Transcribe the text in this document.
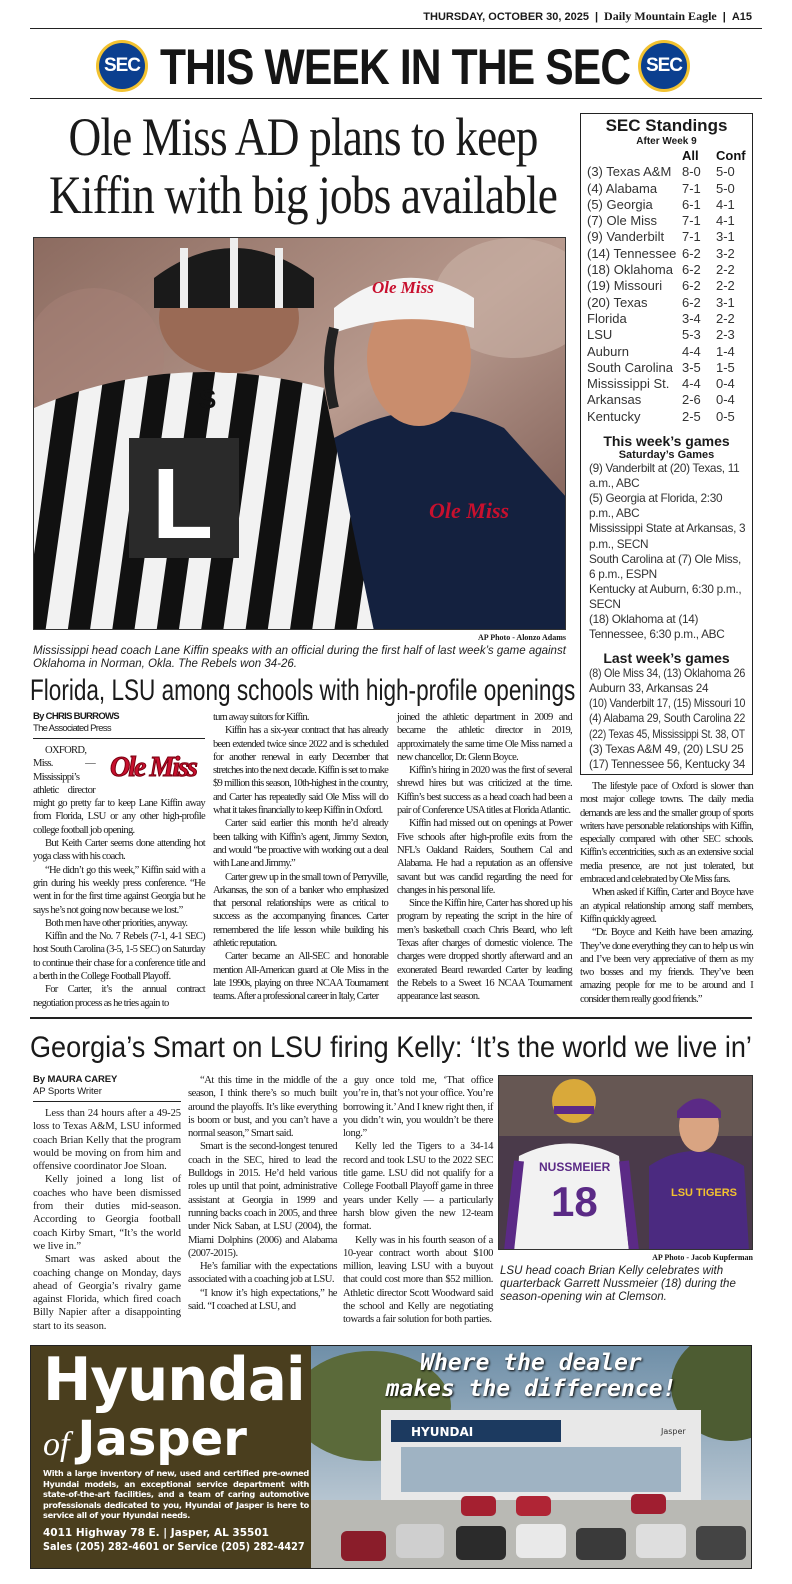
THURSDAY, OCTOBER 30, 2025 | Daily Mountain Eagle | A15
SEC THIS WEEK IN THE SEC SEC
Ole Miss AD plans to keep Kiffin with big jobs available
Ole Miss
Ole Miss
L
S
AP Photo - Alonzo Adams
Mississippi head coach Lane Kiffin speaks with an official during the first half of last week’s game against Oklahoma in Norman, Okla. The Rebels won 34-26.
Florida, LSU among schools with high-profile openings
By CHRIS BURROWS
The Associated Press
Ole Miss

OXFORD, Miss. — Mississippi’s athletic director might go pretty far to keep Lane Kiffin away from Florida, LSU or any other high-profile college football job opening.

But Keith Carter seems done attending hot yoga class with his coach.

“He didn’t go this week,” Kiffin said with a grin during his weekly press conference. “He went in for the first time against Georgia but he says he’s not going now because we lost.”

Both men have other priorities, anyway.

Kiffin and the No. 7 Rebels (7-1, 4-1 SEC) host South Carolina (3-5, 1-5 SEC) on Saturday to continue their chase for a conference title and a berth in the College Football Playoff.

For Carter, it’s the annual contract negotiation process as he tries again to

turn away suitors for Kiffin.

Kiffin has a six-year contract that has already been extended twice since 2022 and is scheduled for another renewal in early December that stretches into the next decade. Kiffin is set to make $9 million this season, 10th-highest in the country, and Carter has repeatedly said Ole Miss will do what it takes financially to keep Kiffin in Oxford.

Carter said earlier this month he’d already been talking with Kiffin’s agent, Jimmy Sexton, and would “be proactive with working out a deal with Lane and Jimmy.”

Carter grew up in the small town of Perryville, Arkansas, the son of a banker who emphasized that personal relationships were as critical to success as the accompanying finances. Carter remembered the life lesson while building his athletic reputation.

Carter became an All-SEC and honorable mention All-American guard at Ole Miss in the late 1990s, playing on three NCAA Tournament teams. After a professional career in Italy, Carter

joined the athletic department in 2009 and became the athletic director in 2019, approximately the same time Ole Miss named a new chancellor, Dr. Glenn Boyce.

Kiffin’s hiring in 2020 was the first of several shrewd hires but was criticized at the time. Kiffin’s best success as a head coach had been a pair of Conference USA titles at Florida Atlantic.

Kiffin had missed out on openings at Power Five schools after high-profile exits from the NFL’s Oakland Raiders, Southern Cal and Alabama. He had a reputation as an offensive savant but was candid regarding the need for changes in his personal life.

Since the Kiffin hire, Carter has shored up his program by repeating the script in the hire of men’s basketball coach Chris Beard, who left Texas after charges of domestic violence. The charges were dropped shortly afterward and an exonerated Beard rewarded Carter by leading the Rebels to a Sweet 16 NCAA Tournament appearance last season.

The lifestyle pace of Oxford is slower than most major college towns. The daily media demands are less and the smaller group of sports writers have personable relationships with Kiffin, especially compared with other SEC schools. Kiffin’s eccentricities, such as an extensive social media presence, are not just tolerated, but embraced and celebrated by Ole Miss fans.

When asked if Kiffin, Carter and Boyce have an atypical relationship among staff members, Kiffin quickly agreed.

“Dr. Boyce and Keith have been amazing. They’ve done everything they can to help us win and I’ve been very appreciative of them as my two bosses and my friends. They’ve been amazing people for me to be around and I consider them really good friends.”

SEC Standings
After Week 9
All	Conf
(3) Texas A&M 8-0	5-0
(4) Alabama	7-1	5-0
(5) Georgia	6-1	4-1
(7) Ole Miss	7-1	4-1
(9) Vanderbilt	7-1	3-1
(14) Tennessee 6-2	3-2
(18) Oklahoma 6-2	2-2
(19) Missouri	6-2	2-2
(20) Texas	6-2	3-1
Florida	3-4	2-2
LSU	5-3	2-3
Auburn	4-4	1-4
South Carolina 3-5	1-5
Mississippi St. 4-4	0-4
Arkansas	2-6	0-4
Kentucky	2-5	0-5
This week’s games
Saturday’s Games
(9) Vanderbilt at (20) Texas, 11 a.m., ABC
(5) Georgia at Florida, 2:30 p.m., ABC
Mississippi State at Arkansas, 3 p.m., SECN
South Carolina at (7) Ole Miss, 6 p.m., ESPN
Kentucky at Auburn, 6:30 p.m., SECN
(18) Oklahoma at (14) Tennessee, 6:30 p.m., ABC
Last week’s games
(8) Ole Miss 34, (13) Oklahoma 26
Auburn 33, Arkansas 24
(10) Vanderbilt 17, (15) Missouri 10
(4) Alabama 29, South Carolina 22
(22) Texas 45, Mississippi St. 38, OT
(3) Texas A&M 49, (20) LSU 25
(17) Tennessee 56, Kentucky 34
Georgia’s Smart on LSU firing Kelly: ‘It’s the world we live in’
By MAURA CAREY
AP Sports Writer

Less than 24 hours after a 49-25 loss to Texas A&M, LSU informed coach Brian Kelly that the program would be moving on from him and offensive coordinator Joe Sloan.

Kelly joined a long list of coaches who have been dismissed from their duties mid-season. According to Georgia football coach Kirby Smart, “It’s the world we live in.”

Smart was asked about the coaching change on Monday, days ahead of Georgia’s rivalry game against Florida, which fired coach Billy Napier after a disappointing start to its season.

“At this time in the middle of the season, I think there’s so much built around the playoffs. It’s like everything is boom or bust, and you can’t have a normal season,” Smart said.

Smart is the second-longest tenured coach in the SEC, hired to lead the Bulldogs in 2015. He’d held various roles up until that point, administrative assistant at Georgia in 1999 and running backs coach in 2005, and three under Nick Saban, at LSU (2004), the Miami Dolphins (2006) and Alabama (2007-2015).

He’s familiar with the expectations associated with a coaching job at LSU.

“I know it’s high expectations,” he said. “I coached at LSU, and

a guy once told me, ‘That office you’re in, that’s not your office. You’re borrowing it.’ And I knew right then, if you didn’t win, you wouldn’t be there long.”

Kelly led the Tigers to a 34-14 record and took LSU to the 2022 SEC title game. LSU did not qualify for a College Football Playoff game in three years under Kelly — a particularly harsh blow given the new 12-team format.

Kelly was in his fourth season of a 10-year contract worth about $100 million, leaving LSU with a buyout that could cost more than $52 million. Athletic director Scott Woodward said the school and Kelly are negotiating towards a fair solution for both parties.

NUSSMEIER
18	LSU TIGERS
AP Photo - Jacob Kupferman
LSU head coach Brian Kelly celebrates with quarterback Garrett Nussmeier (18) during the season-opening win at Clemson.
HYUNDAI	Jasper
Where the dealer
makes the difference!
Hyundai
of Jasper
With a large inventory of new, used and certified pre-owned Hyundai models, an exceptional service department with state-of-the-art facilities, and a team of caring automotive professionals dedicated to you, Hyundai of Jasper is here to service all of your Hyundai needs.
4011 Highway 78 E. | Jasper, AL 35501
Sales (205) 282-4601 or Service (205) 282-4427
